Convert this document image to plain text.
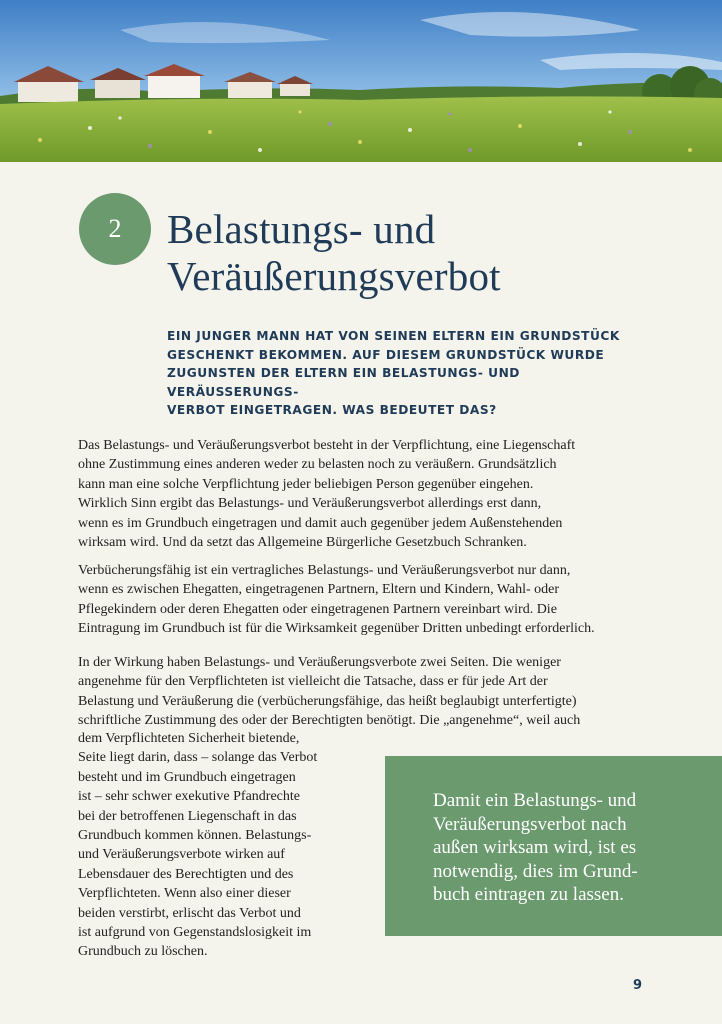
2 Belastungs- und
Veräußerungsverbot

EIN JUNGER MANN HAT VON SEINEN ELTERN EIN GRUNDSTÜCK
GESCHENKT BEKOMMEN. AUF DIESEM GRUNDSTÜCK WURDE
ZUGUNSTEN DER ELTERN EIN BELASTUNGS- UND VERÄUSSERUNGS-
VERBOT EINGETRAGEN. WAS BEDEUTET DAS?

Das Belastungs- und Veräußerungsverbot besteht in der Verpflichtung, eine Liegenschaft
ohne Zustimmung eines anderen weder zu belasten noch zu veräußern. Grundsätzlich
kann man eine solche Verpflichtung jeder beliebigen Person gegenüber eingehen.
Wirklich Sinn ergibt das Belastungs- und Veräußerungsverbot allerdings erst dann,
wenn es im Grundbuch eingetragen und damit auch gegenüber jedem Außenstehenden
wirksam wird. Und da setzt das Allgemeine Bürgerliche Gesetzbuch Schranken.

Verbücherungsfähig ist ein vertragliches Belastungs- und Veräußerungsverbot nur dann,
wenn es zwischen Ehegatten, eingetragenen Partnern, Eltern und Kindern, Wahl- oder
Pflegekindern oder deren Ehegatten oder eingetragenen Partnern vereinbart wird. Die
Eintragung im Grundbuch ist für die Wirksamkeit gegenüber Dritten unbedingt erforderlich.

In der Wirkung haben Belastungs- und Veräußerungsverbote zwei Seiten. Die weniger
angenehme für den Verpflichteten ist vielleicht die Tatsache, dass er für jede Art der
Belastung und Veräußerung die (verbücherungsfähige, das heißt beglaubigt unterfertigte)
schriftliche Zustimmung des oder der Berechtigten benötigt. Die „angenehme“, weil auch

dem Verpflichteten Sicherheit bietende,
Seite liegt darin, dass – solange das Verbot
besteht und im Grundbuch eingetragen
ist – sehr schwer exekutive Pfandrechte
bei der betroffenen Liegenschaft in das
Grundbuch kommen können. Belastungs-
und Veräußerungsverbote wirken auf
Lebensdauer des Berechtigten und des
Verpflichteten. Wenn also einer dieser
beiden verstirbt, erlischt das Verbot und
ist aufgrund von Gegenstandslosigkeit im
Grundbuch zu löschen.

Damit ein Belastungs- und
Veräußerungsverbot nach
außen wirksam wird, ist es
notwendig, dies im Grund-
buch eintragen zu lassen.

9
